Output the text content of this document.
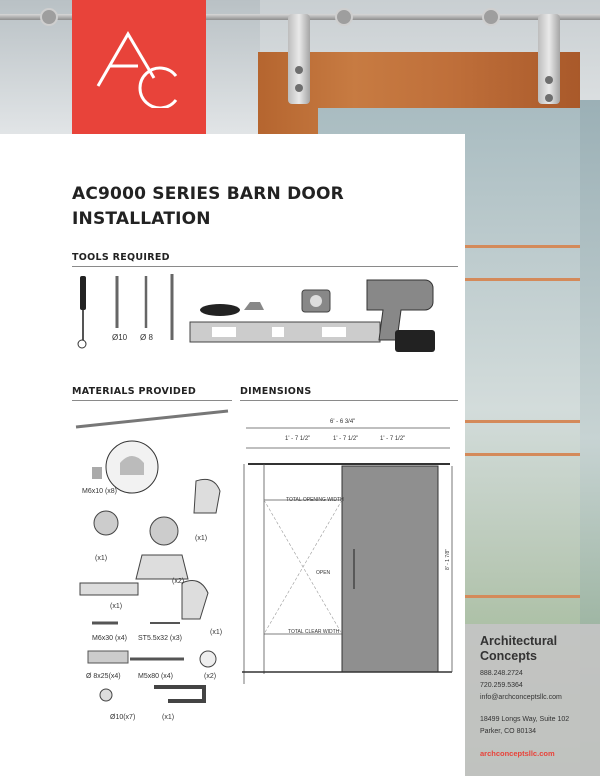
AC9000 SERIES BARN DOOR INSTALLATION
TOOLS REQUIRED
Ø10 Ø 8
MATERIALS PROVIDED
M6x10 (x8)
(x1)
(x1)
(x2)
(x1)
(x1)
M6x30 (x4) ST5.5x32 (x3)
Ø 8x25(x4) M5x80 (x4)	(x2)
Ø10(x7)	(x1)
DIMENSIONS
6' - 6 3/4"
1' - 7 1/2"	1' - 7 1/2"	1' - 7 1/2"
TOTAL OPENING WIDTH
OPEN
TOTAL CLEAR WIDTH
8' - 1 7/8"
Architectural
Concepts
888.248.2724
720.259.5364
info@archconceptsllc.com
18499 Longs Way, Suite 102
Parker, CO 80134
archconceptsllc.com
